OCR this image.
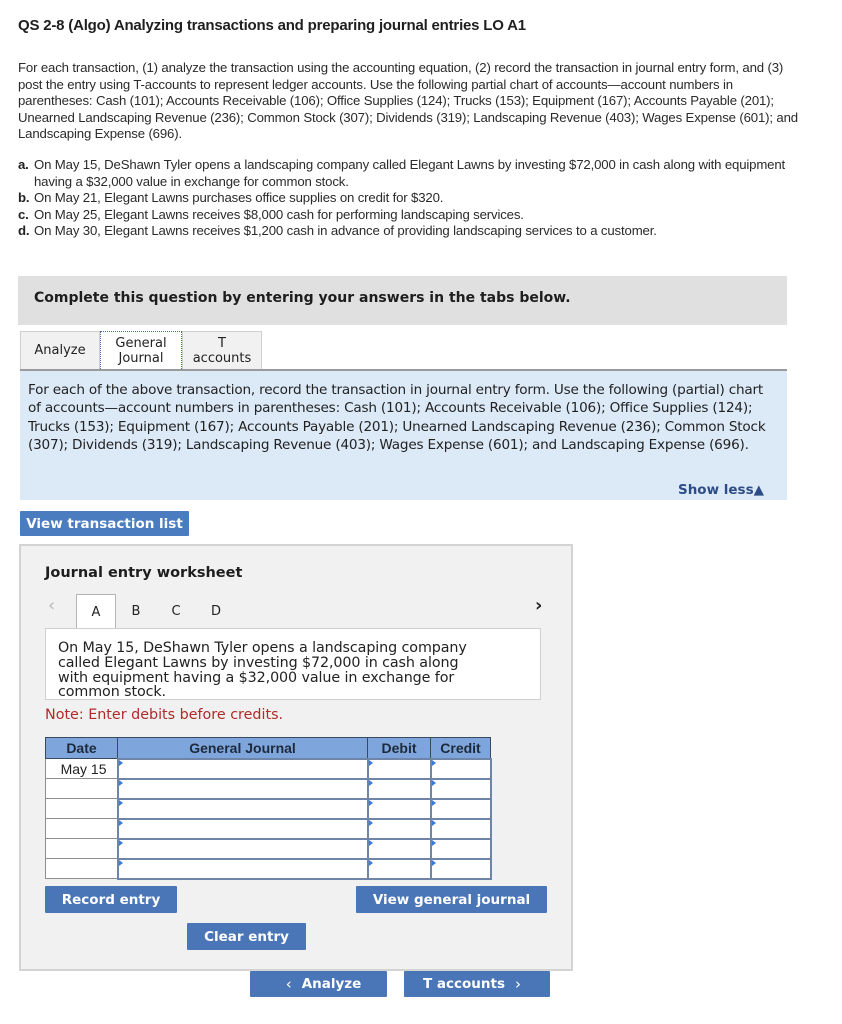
QS 2-8 (Algo) Analyzing transactions and preparing journal entries LO A1
For each transaction, (1) analyze the transaction using the accounting equation, (2) record the transaction in journal entry form, and (3) post the entry using T-accounts to represent ledger accounts. Use the following partial chart of accounts—account numbers in parentheses: Cash (101); Accounts Receivable (106); Office Supplies (124); Trucks (153); Equipment (167); Accounts Payable (201); Unearned Landscaping Revenue (236); Common Stock (307); Dividends (319); Landscaping Revenue (403); Wages Expense (601); and Landscaping Expense (696).
a. On May 15, DeShawn Tyler opens a landscaping company called Elegant Lawns by investing $72,000 in cash along with equipment having a $32,000 value in exchange for common stock.
b. On May 21, Elegant Lawns purchases office supplies on credit for $320.
c. On May 25, Elegant Lawns receives $8,000 cash for performing landscaping services.
d. On May 30, Elegant Lawns receives $1,200 cash in advance of providing landscaping services to a customer.
Complete this question by entering your answers in the tabs below.
Analyze	General Journal
T accounts
For each of the above transaction, record the transaction in journal entry form. Use the following (partial) chart of accounts—account numbers in parentheses: Cash (101); Accounts Receivable (106); Office Supplies (124); Trucks (153); Equipment (167); Accounts Payable (201); Unearned Landscaping Revenue (236); Common Stock (307); Dividends (319); Landscaping Revenue (403); Wages Expense (601); and Landscaping Expense (696).
Show less▲
View transaction list
Journal entry worksheet
‹	A	B	C	D	›
On May 15, DeShawn Tyler opens a landscaping company called Elegant Lawns by investing $72,000 in cash along with equipment having a $32,000 value in exchange for common stock.
Note: Enter debits before credits.
Date	General Journal	Debit	Credit
May 15			

Record entry	View general journal
Clear entry
‹ Analyze	T accounts ›
